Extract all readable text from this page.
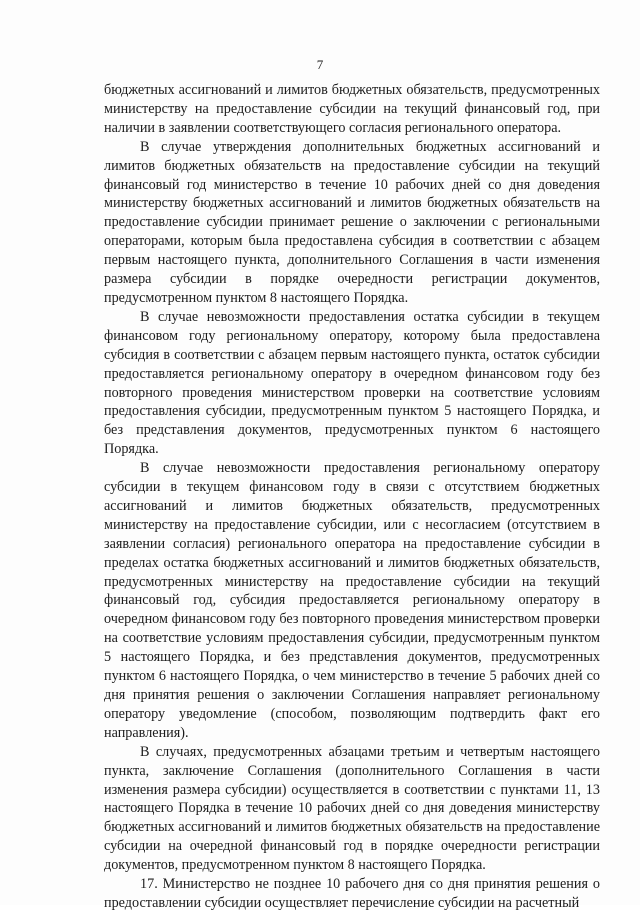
7

бюджетных ассигнований и лимитов бюджетных обязательств, предусмотренных министерству на предоставление субсидии на текущий финансовый год, при наличии в заявлении соответствующего согласия регионального оператора.

В случае утверждения дополнительных бюджетных ассигнований и лимитов бюджетных обязательств на предоставление субсидии на текущий финансовый год министерство в течение 10 рабочих дней со дня доведения министерству бюджетных ассигнований и лимитов бюджетных обязательств на предоставление субсидии принимает решение о заключении с региональными операторами, которым была предоставлена субсидия в соответствии с абзацем первым настоящего пункта, дополнительного Соглашения в части изменения размера субсидии в порядке очередности регистрации документов, предусмотренном пунктом 8 настоящего Порядка.

В случае невозможности предоставления остатка субсидии в текущем финансовом году региональному оператору, которому была предоставлена субсидия в соответствии с абзацем первым настоящего пункта, остаток субсидии предоставляется региональному оператору в очередном финансовом году без повторного проведения министерством проверки на соответствие условиям предоставления субсидии, предусмотренным пунктом 5 настоящего Порядка, и без представления документов, предусмотренных пунктом 6 настоящего Порядка.

В случае невозможности предоставления региональному оператору субсидии в текущем финансовом году в связи с отсутствием бюджетных ассигнований и лимитов бюджетных обязательств, предусмотренных министерству на предоставление субсидии, или с несогласием (отсутствием в заявлении согласия) регионального оператора на предоставление субсидии в пределах остатка бюджетных ассигнований и лимитов бюджетных обязательств, предусмотренных министерству на предоставление субсидии на текущий финансовый год, субсидия предоставляется региональному оператору в очередном финансовом году без повторного проведения министерством проверки на соответствие условиям предоставления субсидии, предусмотренным пунктом 5 настоящего Порядка, и без представления документов, предусмотренных пунктом 6 настоящего Порядка, о чем министерство в течение 5 рабочих дней со дня принятия решения о заключении Соглашения направляет региональному оператору уведомление (способом, позволяющим подтвердить факт его направления).

В случаях, предусмотренных абзацами третьим и четвертым настоящего пункта, заключение Соглашения (дополнительного Соглашения в части изменения размера субсидии) осуществляется в соответствии с пунктами 11, 13 настоящего Порядка в течение 10 рабочих дней со дня доведения министерству бюджетных ассигнований и лимитов бюджетных обязательств на предоставление субсидии на очередной финансовый год в порядке очередности регистрации документов, предусмотренном пунктом 8 настоящего Порядка.

17. Министерство не позднее 10 рабочего дня со дня принятия решения о предоставлении субсидии осуществляет перечисление субсидии на расчетный
